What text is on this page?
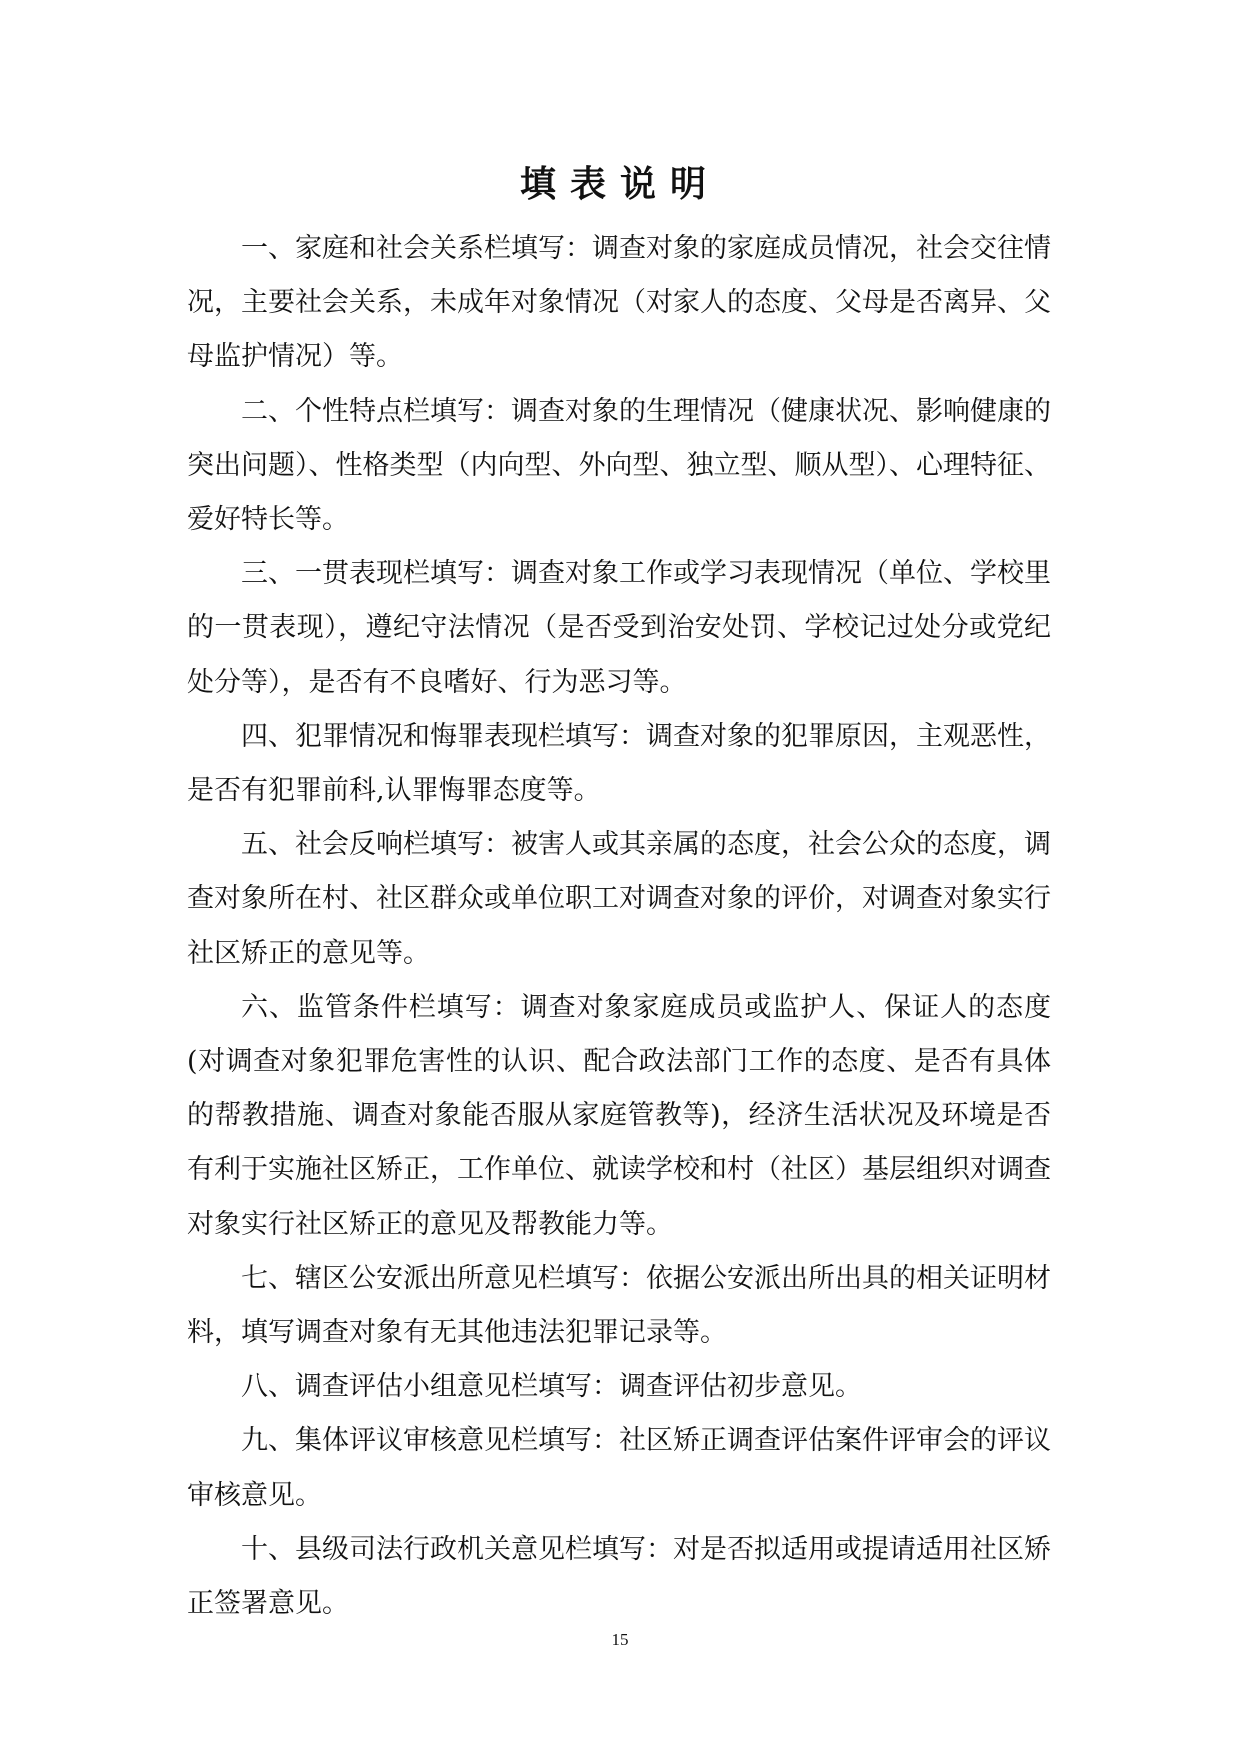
填表说明

一、家庭和社会关系栏填写：调查对象的家庭成员情况，社会交往情况，主要社会关系，未成年对象情况（对家人的态度、父母是否离异、父母监护情况）等。

二、个性特点栏填写：调查对象的生理情况（健康状况、影响健康的突出问题）、性格类型（内向型、外向型、独立型、顺从型）、心理特征、爱好特长等。

三、一贯表现栏填写：调查对象工作或学习表现情况（单位、学校里的一贯表现），遵纪守法情况（是否受到治安处罚、学校记过处分或党纪处分等），是否有不良嗜好、行为恶习等。

四、犯罪情况和悔罪表现栏填写：调查对象的犯罪原因，主观恶性，是否有犯罪前科,认罪悔罪态度等。

五、社会反响栏填写：被害人或其亲属的态度，社会公众的态度，调查对象所在村、社区群众或单位职工对调查对象的评价，对调查对象实行社区矫正的意见等。

六、监管条件栏填写：调查对象家庭成员或监护人、保证人的态度(对调查对象犯罪危害性的认识、配合政法部门工作的态度、是否有具体的帮教措施、调查对象能否服从家庭管教等)，经济生活状况及环境是否有利于实施社区矫正，工作单位、就读学校和村（社区）基层组织对调查对象实行社区矫正的意见及帮教能力等。

七、辖区公安派出所意见栏填写：依据公安派出所出具的相关证明材料，填写调查对象有无其他违法犯罪记录等。

八、调查评估小组意见栏填写：调查评估初步意见。

九、集体评议审核意见栏填写：社区矫正调查评估案件评审会的评议审核意见。

十、县级司法行政机关意见栏填写：对是否拟适用或提请适用社区矫正签署意见。

15
